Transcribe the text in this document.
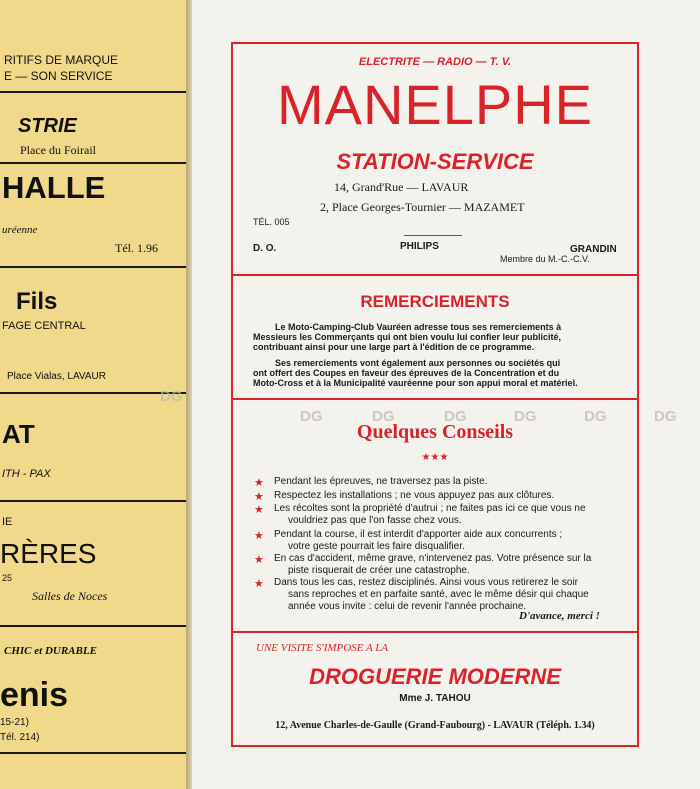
RITIFS DE MARQUE
E — SON SERVICE
STRIE
Place du Foirail
HALLE
uréenne
Tél. 1.96
Fils
FAGE CENTRAL
Place Vialas, LAVAUR
AT
ITH - PAX
IE
RÈRES
25
Salles de Noces
CHIC et DURABLE
enis
15-21)
Tél. 214)
DG
DG	DG	DG	DG	DG	DG
ELECTRITE — RADIO — T. V.
MANELPHE
STATION-SERVICE
14, Grand'Rue — LAVAUR
TÉL. 005
2, Place Georges-Tournier — MAZAMET
D. O.	PHILIPS	GRANDIN
Membre du M.-C.-C.V.
REMERCIEMENTS
Le Moto-Camping-Club Vauréen adresse tous ses remerciements à
Messieurs les Commerçants qui ont bien voulu lui confier leur publicité,
contribuant ainsi pour une large part à l'édition de ce programme.
Ses remerciements vont également aux personnes ou sociétés qui
ont offert des Coupes en faveur des épreuves de la Concentration et du
Moto-Cross et à la Municipalité vauréenne pour son appui moral et matériel.
Quelques Conseils
★★★
★ Pendant les épreuves, ne traversez pas la piste.
★ Respectez les installations ; ne vous appuyez pas aux clôtures.
★ Les récoltes sont la propriété d'autrui ; ne faites pas ici ce que vous ne
vouldriez pas que l'on fasse chez vous.
★ Pendant la course, il est interdit d'apporter aide aux concurrents ;
votre geste pourrait les faire disqualifier.
★ En cas d'accident, même grave, n'intervenez pas. Votre présence sur la
piste risquerait de créer une catastrophe.
★ Dans tous les cas, restez disciplinés. Ainsi vous vous retirerez le soir
sans reproches et en parfaite santé, avec le même désir qui chaque
année vous invite : celui de revenir l'année prochaine.
D'avance, merci !
UNE VISITE S'IMPOSE A LA
DROGUERIE MODERNE
Mme J. TAHOU
12, Avenue Charles-de-Gaulle (Grand-Faubourg) - LAVAUR (Téléph. 1.34)
